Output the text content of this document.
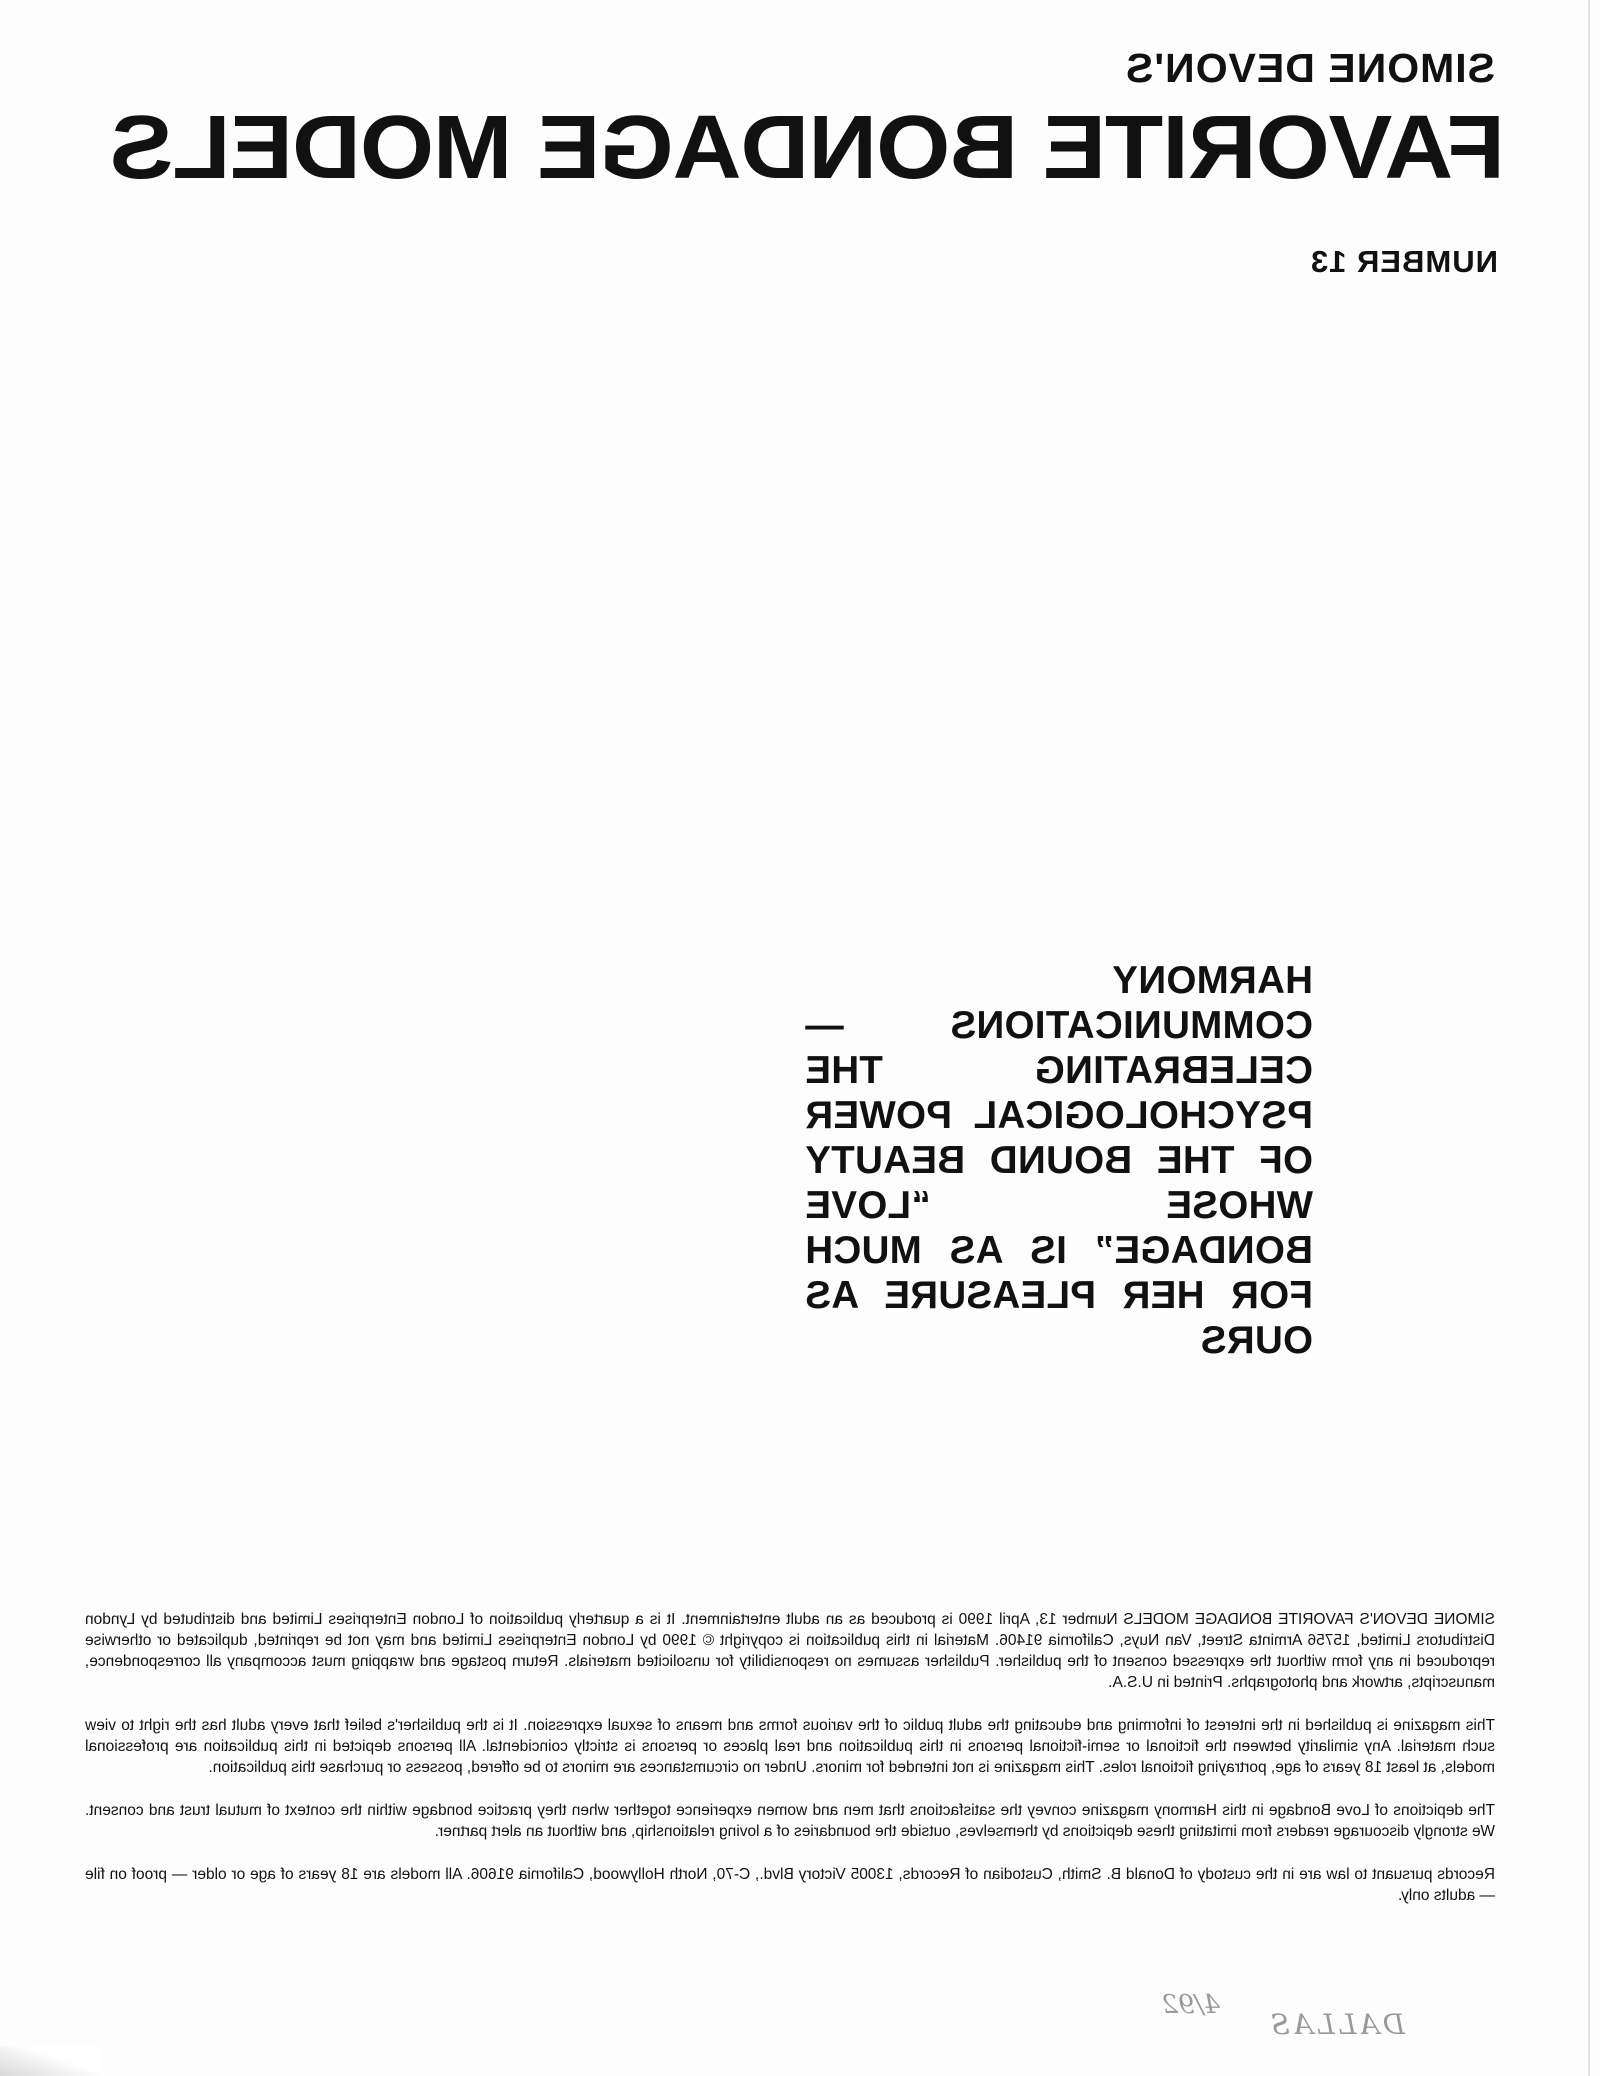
SIMONE DEVON'S
FAVORITE BONDAGE MODELS
NUMBER 13
HARMONY COMMUNICATIONS — CELEBRATING THE PSYCHOLOGICAL POWER OF THE BOUND BEAUTY WHOSE “LOVE BONDAGE” IS AS MUCH FOR HER PLEASURE AS OURS

SIMONE DEVON'S FAVORITE BONDAGE MODELS Number 13, April 1990 is produced as an adult entertainment. It is a quarterly publication of London Enterprises Limited and distributed by Lyndon Distributors Limited, 15756 Arminta Street, Van Nuys, California 91406. Material in this publication is copyright © 1990 by London Enterprises Limited and may not be reprinted, duplicated or otherwise reproduced in any form without the expressed consent of the publisher. Publisher assumes no responsibility for unsolicited materials. Return postage and wrapping must accompany all correspondence, manuscripts, artwork and photographs. Printed in U.S.A.

This magazine is published in the interest of informing and educating the adult public of the various forms and means of sexual expression. It is the publisher's belief that every adult has the right to view such material. Any similarity between the fictional or semi-fictional persons in this publication and real places or persons is strictly coincidental. All persons depicted in this publication are professional models, at least 18 years of age, portraying fictional roles. This magazine is not intended for minors. Under no circumstances are minors to be offered, possess or purchase this publication.

The depictions of Love Bondage in this Harmony magazine convey the satisfactions that men and women experience together when they practice bondage within the context of mutual trust and consent. We strongly discourage readers from imitating these depictions by themselves, outside the boundaries of a loving relationship, and without an alert partner.

Records pursuant to law are in the custody of Donald B. Smith, Custodian of Records, 13005 Victory Blvd., C-70, North Hollywood, California 91606. All models are 18 years of age or older — proof on file — adults only.

DALLAS
4/92
